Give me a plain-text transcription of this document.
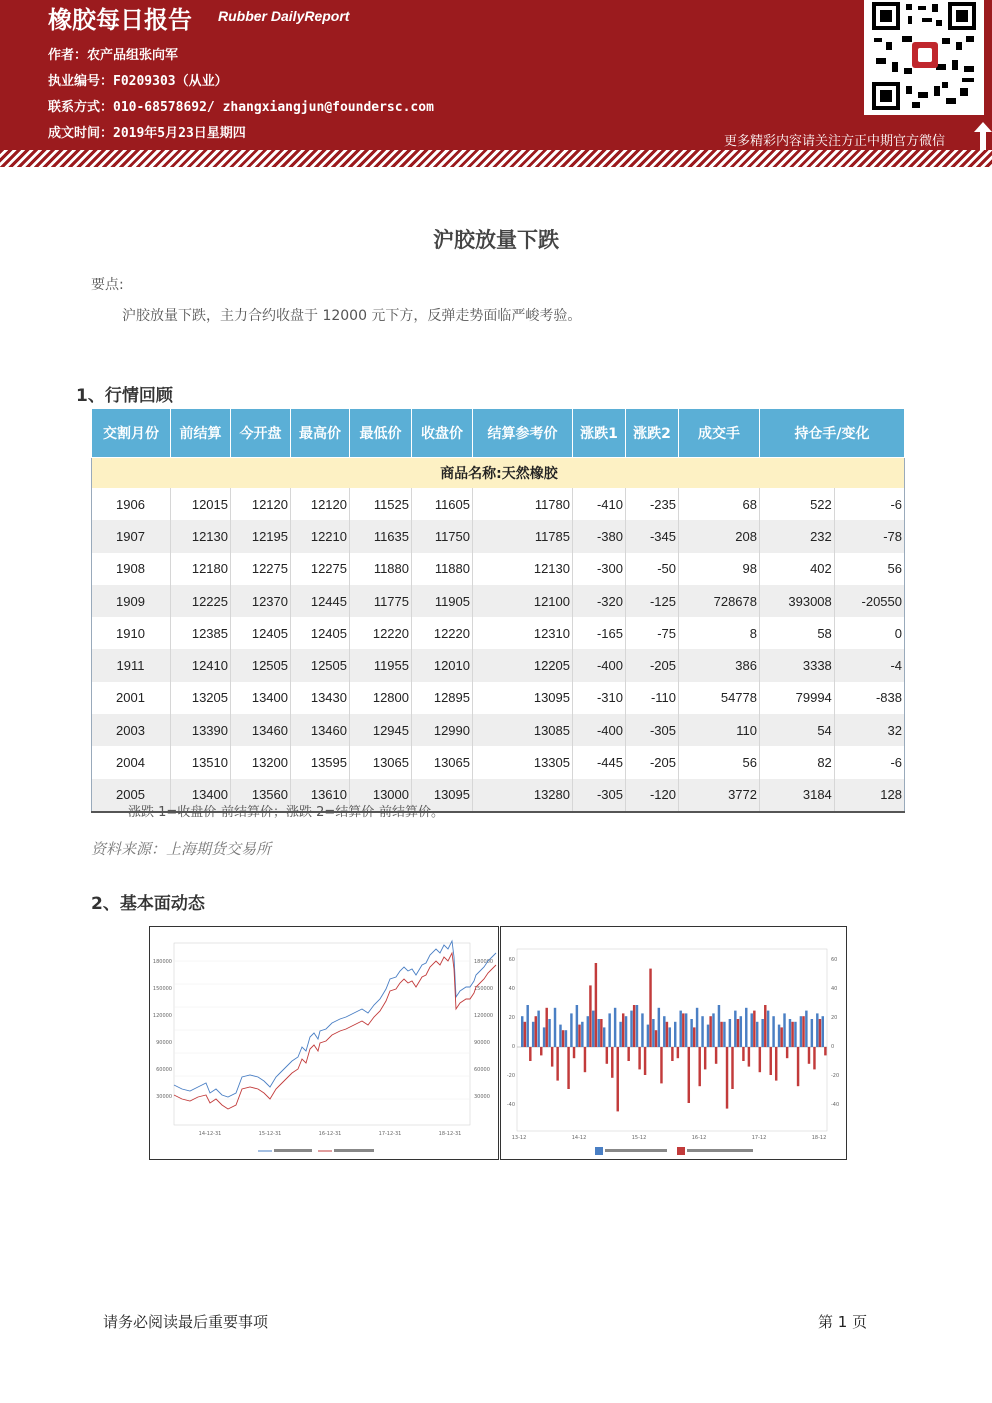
橡胶每日报告 Rubber DailyReport
作者：农产品组张向军
执业编号：F0209303（从业）
联系方式：010-68578692/ zhangxiangjun@foundersc.com
成文时间：2019年5月23日星期四
更多精彩内容请关注方正中期官方微信
沪胶放量下跌
要点:
沪胶放量下跌，主力合约收盘于 12000 元下方，反弹走势面临严峻考验。
1、行情回顾
交割月份	前结算	今开盘	最高价	最低价	收盘价	结算参考价	涨跌1	涨跌2	成交手	持仓手/变化	
商品名称:天然橡胶											
1906	12015	12120	12120	11525	11605	11780	-410	-235	68	522	-6
1907	12130	12195	12210	11635	11750	11785	-380	-345	208	232	-78
1908	12180	12275	12275	11880	11880	12130	-300	-50	98	402	56
1909	12225	12370	12445	11775	11905	12100	-320	-125	728678	393008	-20550
1910	12385	12405	12405	12220	12220	12310	-165	-75	8	58	0
1911	12410	12505	12505	11955	12010	12205	-400	-205	386	3338	-4
2001	13205	13400	13430	12800	12895	13095	-310	-110	54778	79994	-838
2003	13390	13460	13460	12945	12990	13085	-400	-305	110	54	32
2004	13510	13200	13595	13065	13065	13305	-445	-205	56	82	-6
2005	13400	13560	13610	13000	13095	13280	-305	-120	3772	3184	128
涨跌 1=收盘价-前结算价；涨跌 2=结算价-前结算价。
资料来源：上海期货交易所
2、基本面动态
180000
150000
120000
90000
60000
30000
180000
150000
120000
90000
60000
30000
14-12-31	15-12-31	16-12-31	17-12-31	18-12-31
60
40
20
0
-20
-40
60
40
20
0
-20
-40
13-12	14-12	15-12	16-12	17-12	18-12
请务必阅读最后重要事项	第 1 页
